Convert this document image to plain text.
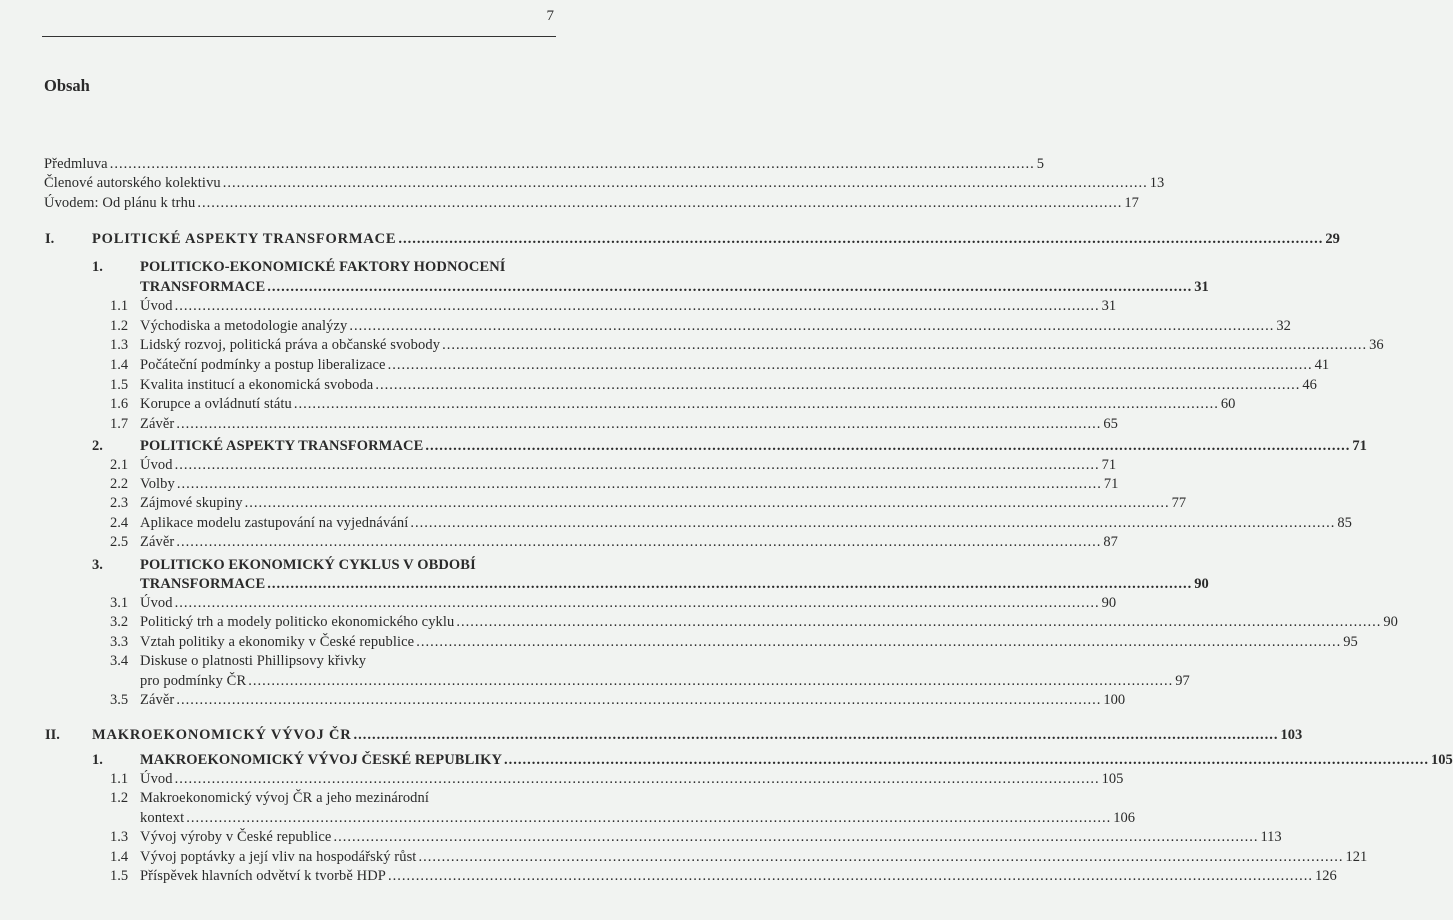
7
Obsah
Předmluva ........................................................................................................................................................................................................ 5
Členové autorského kolektivu ........................................................................................................................................................................................................ 13
Úvodem: Od plánu k trhu ........................................................................................................................................................................................................ 17
I.	POLITICKÉ ASPEKTY TRANSFORMACE ........................................................................................................................................................................................................ 29
1.	POLITICKO-EKONOMICKÉ FAKTORY HODNOCENÍ
TRANSFORMACE ........................................................................................................................................................................................................ 31
1.1 Úvod ........................................................................................................................................................................................................ 31
1.2 Východiska a metodologie analýzy ........................................................................................................................................................................................................ 32
1.3 Lidský rozvoj, politická práva a občanské svobody ........................................................................................................................................................................................................ 36
1.4 Počáteční podmínky a postup liberalizace ........................................................................................................................................................................................................ 41
1.5 Kvalita institucí a ekonomická svoboda ........................................................................................................................................................................................................ 46
1.6 Korupce a ovládnutí státu ........................................................................................................................................................................................................ 60
1.7 Závěr ........................................................................................................................................................................................................ 65
2.	POLITICKÉ ASPEKTY TRANSFORMACE ........................................................................................................................................................................................................ 71
2.1 Úvod ........................................................................................................................................................................................................ 71
2.2 Volby ........................................................................................................................................................................................................ 71
2.3 Zájmové skupiny ........................................................................................................................................................................................................ 77
2.4 Aplikace modelu zastupování na vyjednávání ........................................................................................................................................................................................................ 85
2.5 Závěr ........................................................................................................................................................................................................ 87
3.	POLITICKO EKONOMICKÝ CYKLUS V OBDOBÍ
TRANSFORMACE ........................................................................................................................................................................................................ 90
3.1 Úvod ........................................................................................................................................................................................................ 90
3.2 Politický trh a modely politicko ekonomického cyklu ........................................................................................................................................................................................................ 90
3.3 Vztah politiky a ekonomiky v České republice ........................................................................................................................................................................................................ 95
3.4 Diskuse o platnosti Phillipsovy křivky
pro podmínky ČR ........................................................................................................................................................................................................ 97
3.5 Závěr ........................................................................................................................................................................................................ 100
II. MAKROEKONOMICKÝ VÝVOJ ČR ........................................................................................................................................................................................................ 103
1.	MAKROEKONOMICKÝ VÝVOJ ČESKÉ REPUBLIKY ........................................................................................................................................................................................................ 105
1.1 Úvod ........................................................................................................................................................................................................ 105
1.2 Makroekonomický vývoj ČR a jeho mezinárodní
kontext ........................................................................................................................................................................................................ 106
1.3 Vývoj výroby v České republice ........................................................................................................................................................................................................ 113
1.4 Vývoj poptávky a její vliv na hospodářský růst ........................................................................................................................................................................................................ 121
1.5 Příspěvek hlavních odvětví k tvorbě HDP ........................................................................................................................................................................................................ 126
